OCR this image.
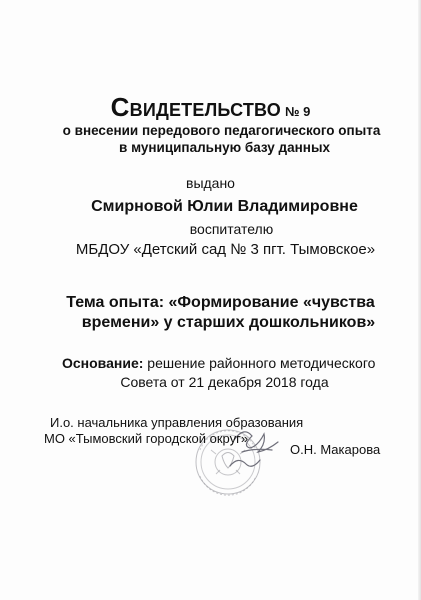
Свидетельство № 9
о внесении передового педагогического опыта
в муниципальную базу данных
выдано
Смирновой Юлии Владимировне
воспитателю
МБДОУ «Детский сад № 3 пгт. Тымовское»
Тема опыта: «Формирование «чувства
времени» у старших дошкольников»
Основание: решение районного методического
Совета от 21 декабря 2018 года
И.о. начальника управления образования
МО «Тымовский городской округ»
О.Н. Макарова
